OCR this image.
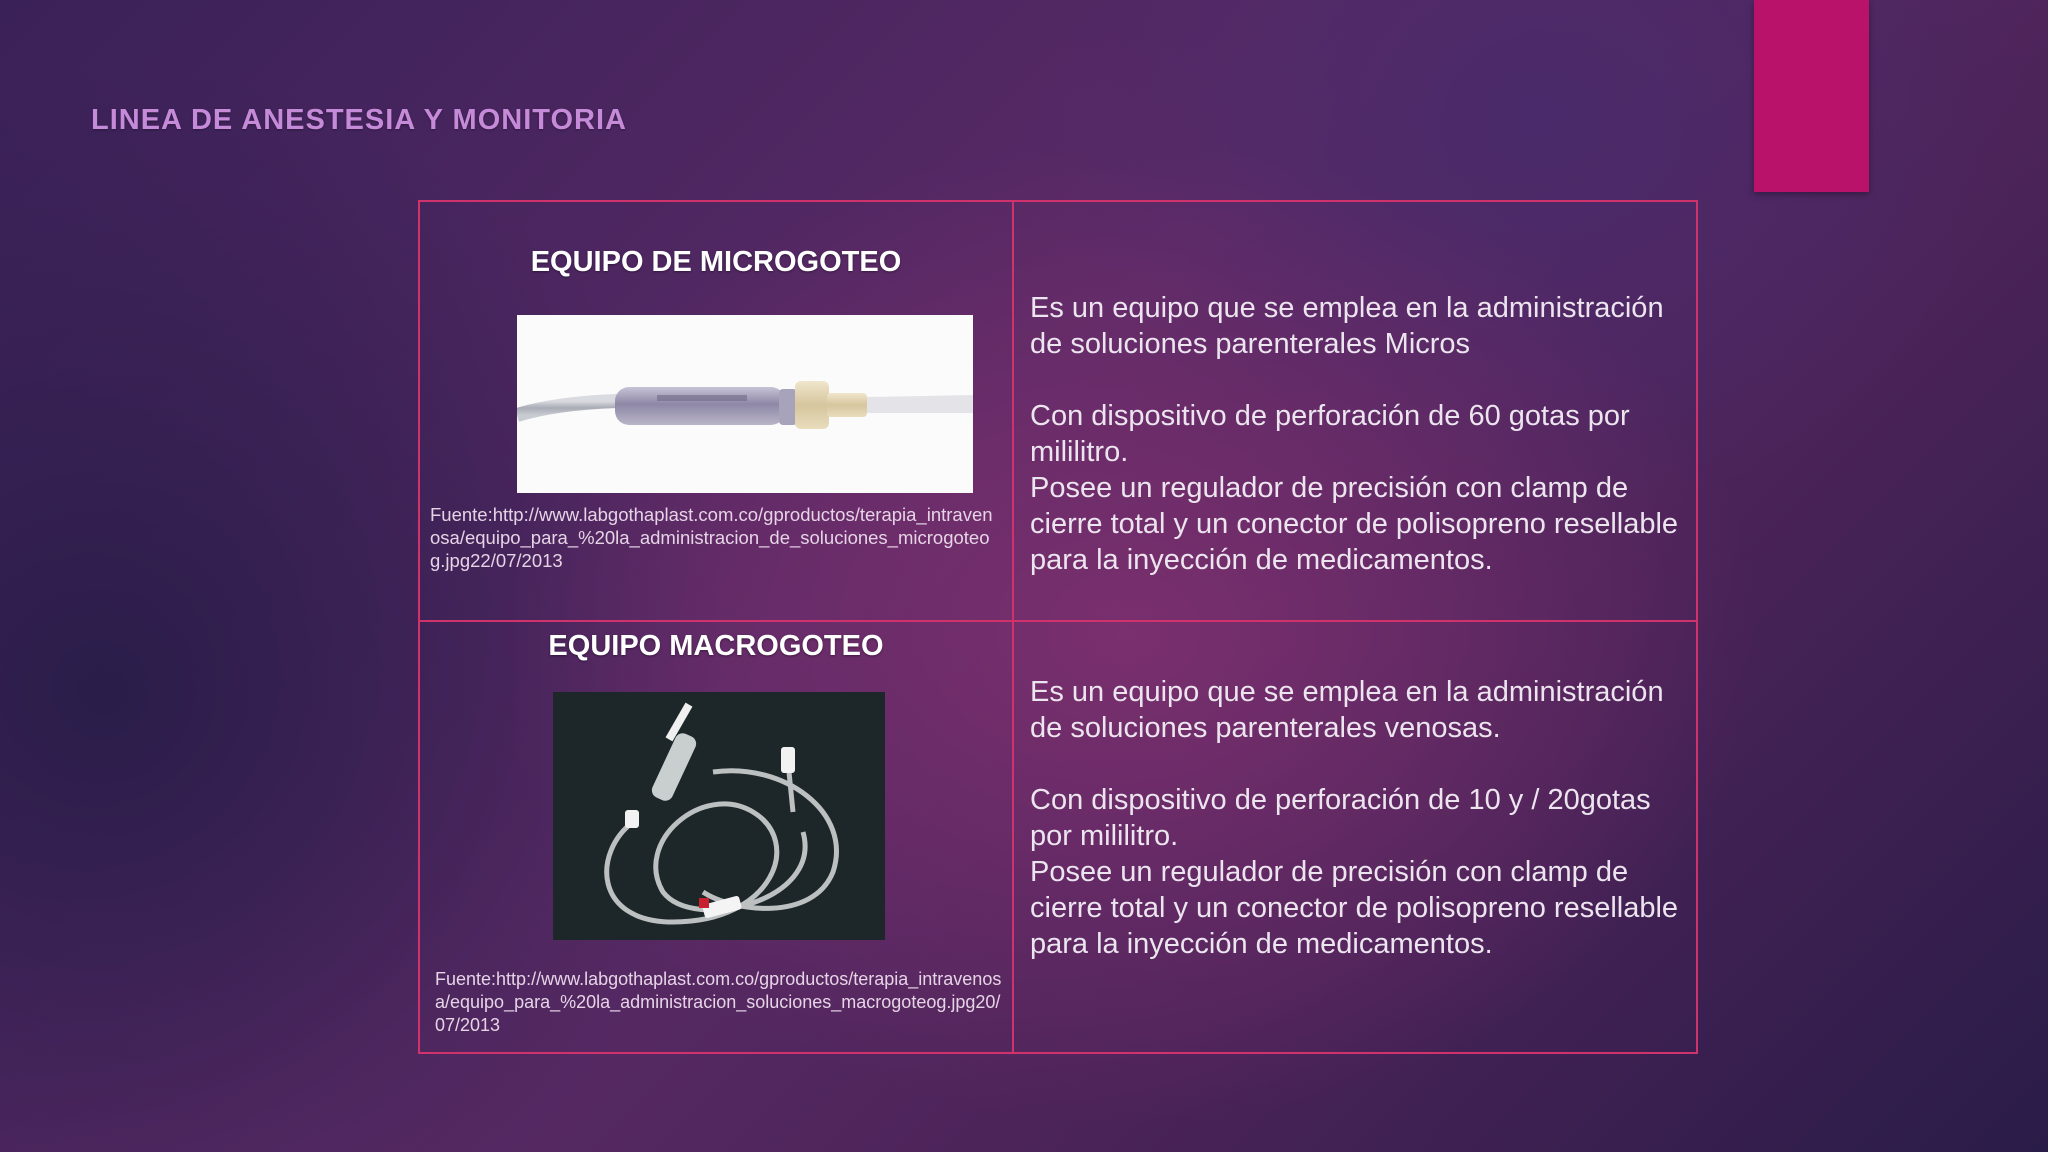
LINEA DE ANESTESIA Y MONITORIA
EQUIPO DE MICROGOTEO
Fuente:http://www.labgothaplast.com.co/gproductos/terapia_intravenosa/equipo_para_%20la_administracion_de_soluciones_microgoteog.jpg22/07/2013

Es un equipo que se emplea en la administración de soluciones parenterales Micros

Con dispositivo de perforación de 60 gotas por mililitro.

Posee un regulador de precisión con clamp de cierre total y un conector de polisopreno resellable para la inyección de medicamentos.

EQUIPO MACROGOTEO
Fuente:http://www.labgothaplast.com.co/gproductos/terapia_intravenosa/equipo_para_%20la_administracion_soluciones_macrogoteog.jpg20/07/2013

Es un equipo que se emplea en la administración de soluciones parenterales venosas.

Con dispositivo de perforación de 10 y / 20gotas por mililitro.

Posee un regulador de precisión con clamp de cierre total y un conector de polisopreno resellable para la inyección de medicamentos.
